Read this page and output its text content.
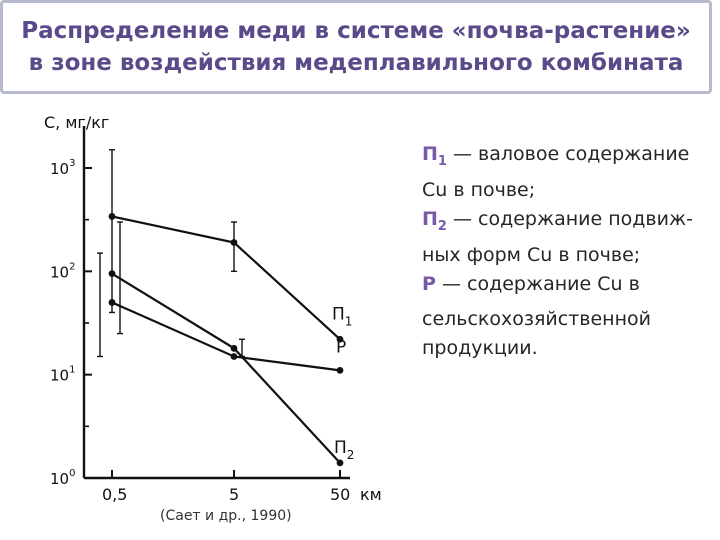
Распределение меди в системе «почва-растение»
в зоне воздействия медеплавильного комбината
C, мг/кг
$10^3$
$10^2$
$10^1$
$10^0$
0,5	5	50 км
$П_1$
$П_2$
Р

$П_1$ — валовое содержание Cu в почве;

$П_2$ — содержание подвиж-ных форм Cu в почве;

Р — содержание Cu в сельскохозяйственной продукции.

(Сает и др., 1990)
